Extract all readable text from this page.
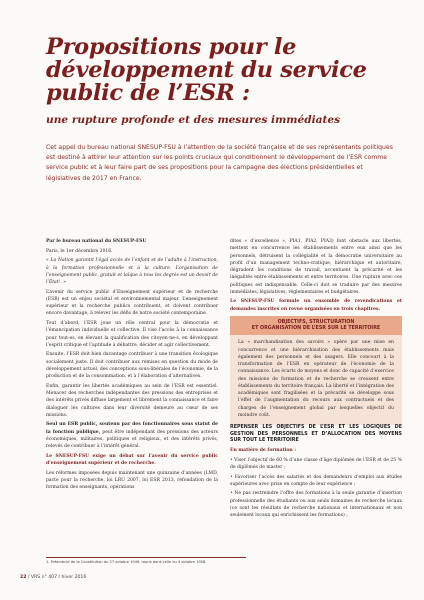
Propositions pour le développement du service public de l’ESR :
une rupture profonde et des mesures immédiates
Cet appel du bureau national SNESUP-FSU à l’attention de la société française et de ses représentants politiques est destiné à attirer leur attention sur les points cruciaux qui conditionnent le développement de l’ESR comme service public et à leur faire part de ses propositions pour la campagne des élections présidentielles et législatives de 2017 en France.

Par le bureau national du SNESUP-FSU

Paris, le 1er décembre 2016.

« La Nation garantit l’égal accès de l’enfant et de l’adulte à l’instruction, à la formation professionnelle et à la culture. L’organisation de l’enseignement public, gratuit et laïque à tous les degrés est un devoir de l’État¹. »

L’avenir du service public d’Enseignement supérieur et de recherche (ESR) est un enjeu sociétal et environnemental majeur. L’enseignement supérieur et la recherche publics contribuent, et doivent contribuer encore davantage, à relever les défis de notre société contemporaine.

Tout d’abord, l’ESR joue un rôle central pour la démocratie et l’émancipation individuelle et collective. Il vise l’accès à la connaissance pour tout-es, en élevant la qualification des citoyen-ne-s, en développant l’esprit critique et l’aptitude à débattre, décider et agir collectivement.

Ensuite, l’ESR doit bien davantage contribuer à une transition écologique socialement juste. Il doit contribuer aux remises en question du mode de développement actuel, des conceptions sous-libérales de l’économie, de la production et de la consommation, et à l’élaboration d’alternatives.

Enfin, garantir les libertés académiques au sein de l’ESR est essentiel. Menacer des recherches indépendantes des pressions des entreprises et des intérêts privés diffuse largement et librement la connaissance et faire dialoguer les cultures dans leur diversité demeure au cœur de ses missions.

Seul un ESR public, soutenu par des fonctionnaires sous statut de la fonction publique, peut être indépendant des pressions des acteurs économiques, militaires, politiques et religieux, et des intérêts privés, relevés de contribuer à l’intérêt général.

Le SNESUP-FSU exige un débat sur l’avenir du service public d’enseignement supérieur et de recherche.

Les réformes imposées depuis maintenant une quinzaine d’années (LMD, pacte pour la recherche, loi LRU 2007, loi ESR 2013, refondation de la formation des enseignants, opérations

dites « d’excellence », PIA1, PIA2, PIA3) font obstacle aux libertés, mettent en concurrence les établissements entre eux ainsi que les personnels, détruisent la collégialité et la démocratie universitaire au profit d’un management techno-cratique, hiérarchique et autoritaire, dégradent les conditions de travail, accentuent la précarité et les inégalités entre établissements et entre territoires. Une rupture avec ces politiques est indispensable. Celle-ci doit se traduire par des mesures immédiates, législatives, réglementaires et budgétaires.

Le SNESUP-FSU formule un ensemble de revendications et demandes inscrites en revue organisées en trois chapitres.

OBJECTIFS, STRUCTURATION
ET ORGANISATION DE L’ESR SUR LE TERRITOIRE

La « marchandisation des savoirs » opère par une mise en concurrence et une hiérarchisation des établissements mais également des personnels et des usagers. Elle concourt à la transformation de l’ESR en opérateur de l’économie de la connaissance. Les écarts de moyens et donc de capacité d’exercice des missions de formation et de recherche se creusent entre établissements du territoire français. La liberté et l’intégration des académiques sont fragilisées et la précarité se développe sous l’effet de l’augmentation du recours aux contractuels et des charges de l’enseignement global par lesquelles objectif du moindre coût.

REPENSER LES OBJECTIFS DE L’ESR ET LES LOGIQUES DE GESTION DES PERSONNELS ET D’ALLOCATION DES MOYENS SUR TOUT LE TERRITOIRE

En matière de formation :

• Viser l’objectif de 60 % d’une classe d’âge diplômée de l’ESR et de 25 % de diplômés de master ;

• Favoriser l’accès des salariés et des demandeurs d’emploi aux études supérieures avec prise en compte de leur expérience ;

• Ne pas restreindre l’offre des formations à la seule garantie d’insertion professionnelle des étudiants ou aux seuls domaines de recherche locaux (ce sont les résultats de recherche nationaux et internationaux et non seulement locaux qui enrichissent les formations) ;

1. Préambule de la Constitution du 27 octobre 1946, repris dans celle du 4 octobre 1958.
22 / VRS n° 407 / hiver 2016
